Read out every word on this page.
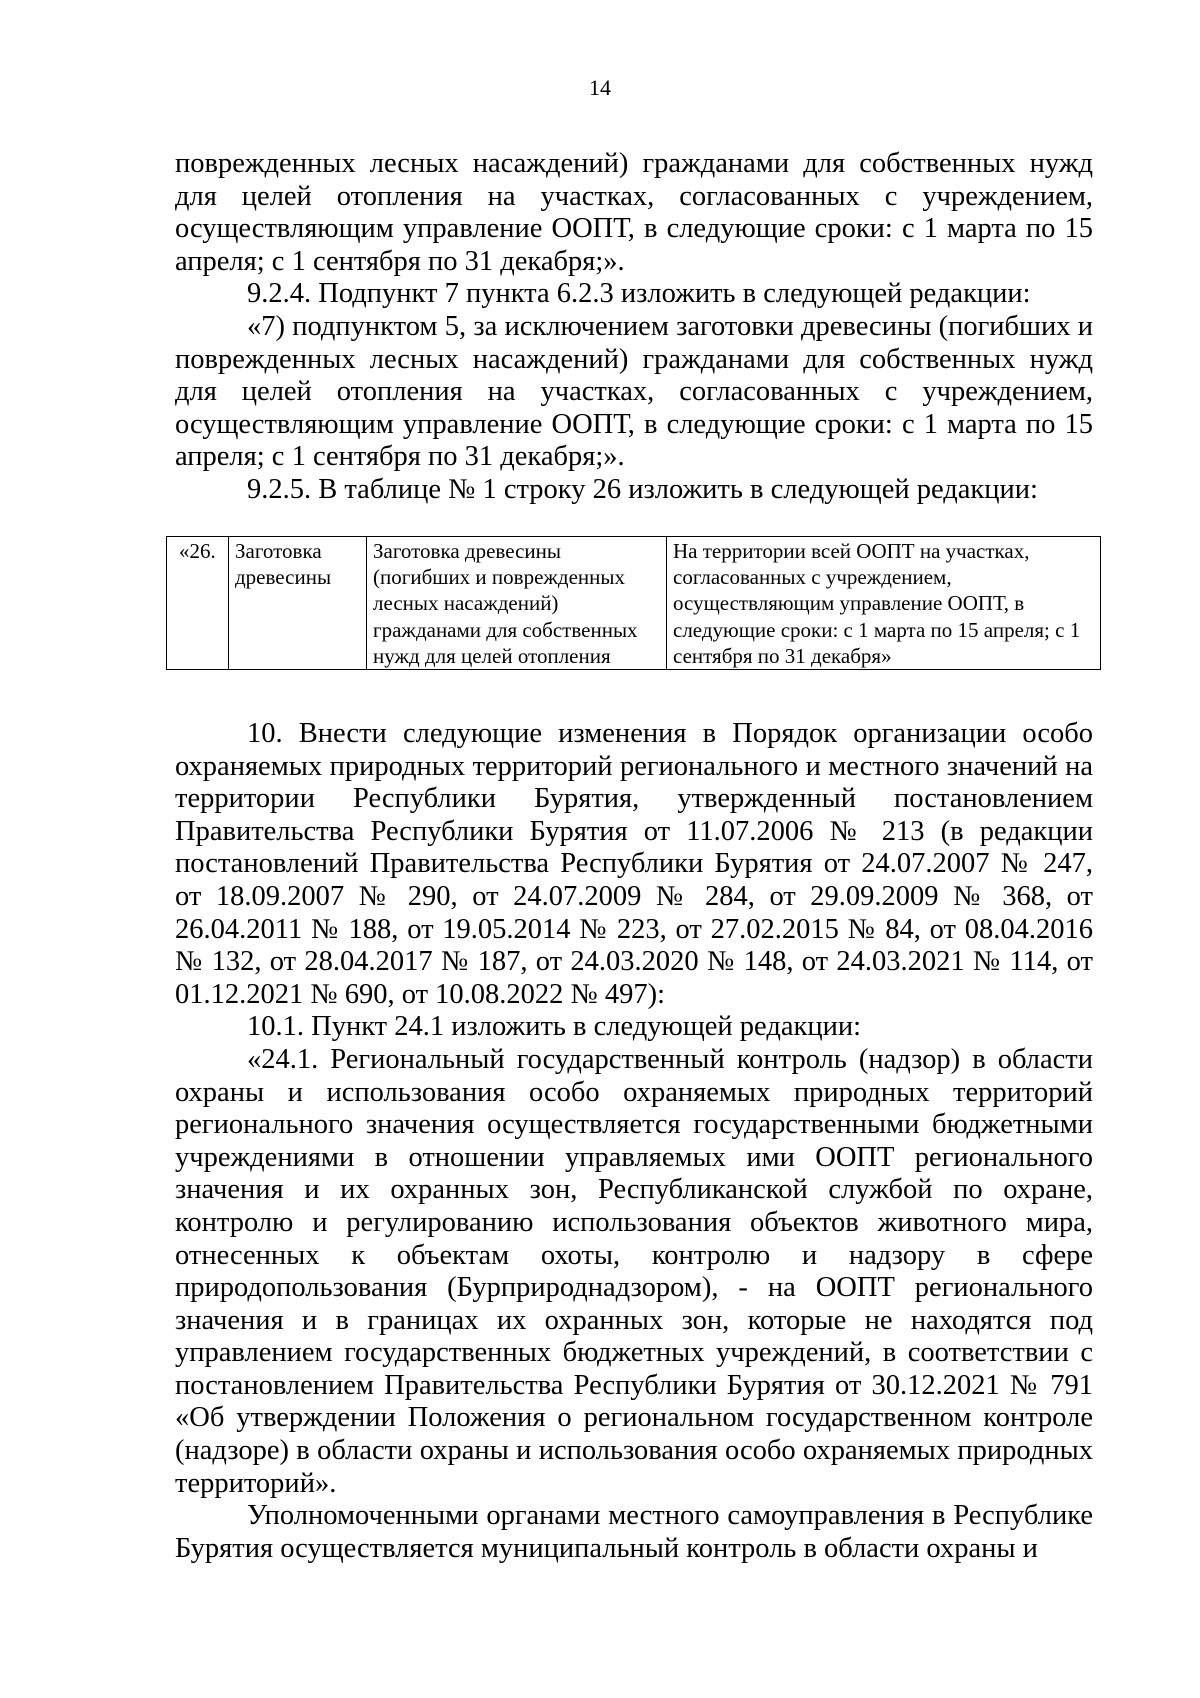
14

поврежденных лесных насаждений) гражданами для собственных нужд для целей отопления на участках, согласованных с учреждением, осуществляющим управление ООПТ, в следующие сроки: с 1 марта по 15 апреля; с 1 сентября по 31 декабря;».

9.2.4. Подпункт 7 пункта 6.2.3 изложить в следующей редакции:

«7) подпунктом 5, за исключением заготовки древесины (погибших и поврежденных лесных насаждений) гражданами для собственных нужд для целей отопления на участках, согласованных с учреждением, осуществляющим управление ООПТ, в следующие сроки: с 1 марта по 15 апреля; с 1 сентября по 31 декабря;».

9.2.5. В таблице № 1 строку 26 изложить в следующей редакции:

«26.	Заготовка древесины	Заготовка древесины (погибших и поврежденных лесных насаждений) гражданами для собственных нужд для целей отопления	На территории всей ООПТ на участках, согласованных с учреждением, осуществляющим управление ООПТ, в следующие сроки: с 1 марта по 15 апреля; с 1 сентября по 31 декабря»

10. Внести следующие изменения в Порядок организации особо охраняемых природных территорий регионального и местного значений на территории Республики Бурятия, утвержденный постановлением Правительства Республики Бурятия от 11.07.2006 № 213 (в редакции постановлений Правительства Республики Бурятия от 24.07.2007 № 247, от 18.09.2007 № 290, от 24.07.2009 № 284, от 29.09.2009 № 368, от 26.04.2011 № 188, от 19.05.2014 № 223, от 27.02.2015 № 84, от 08.04.2016 № 132, от 28.04.2017 № 187, от 24.03.2020 № 148, от 24.03.2021 № 114, от 01.12.2021 № 690, от 10.08.2022 № 497):

10.1. Пункт 24.1 изложить в следующей редакции:

«24.1. Региональный государственный контроль (надзор) в области охраны и использования особо охраняемых природных территорий регионального значения осуществляется государственными бюджетными учреждениями в отношении управляемых ими ООПТ регионального значения и их охранных зон, Республиканской службой по охране, контролю и регулированию использования объектов животного мира, отнесенных к объектам охоты, контролю и надзору в сфере природопользования (Бурприроднадзором), - на ООПТ регионального значения и в границах их охранных зон, которые не находятся под управлением государственных бюджетных учреждений, в соответствии с постановлением Правительства Республики Бурятия от 30.12.2021 № 791 «Об утверждении Положения о региональном государственном контроле (надзоре) в области охраны и использования особо охраняемых природных территорий».

Уполномоченными органами местного самоуправления в Республике Бурятия осуществляется муниципальный контроль в области охраны и
